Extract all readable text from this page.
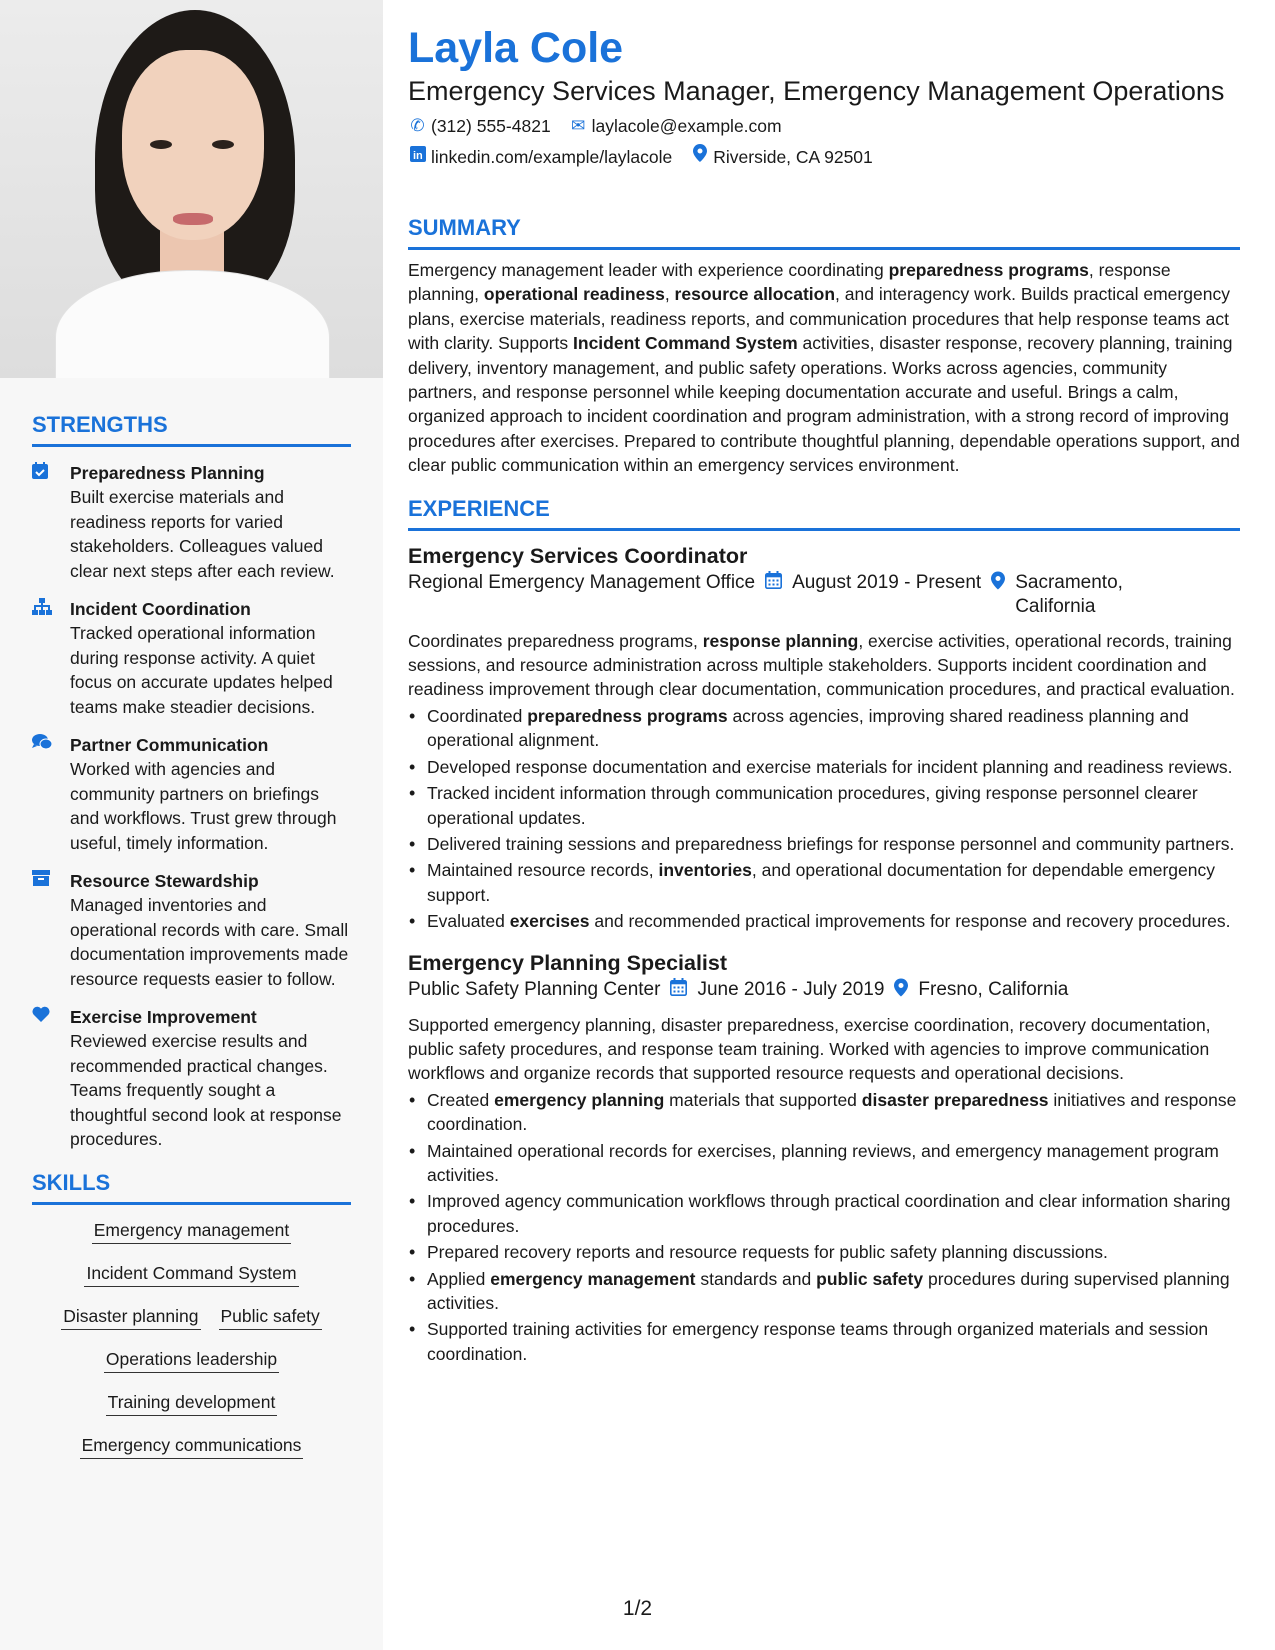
STRENGTHS
Preparedness Planning
Built exercise materials and readiness reports for varied stakeholders. Colleagues valued clear next steps after each review.
Incident Coordination
Tracked operational information during response activity. A quiet focus on accurate updates helped teams make steadier decisions.
Partner Communication
Worked with agencies and community partners on briefings and workflows. Trust grew through useful, timely information.
Resource Stewardship
Managed inventories and operational records with care. Small documentation improvements made resource requests easier to follow.
Exercise Improvement
Reviewed exercise results and recommended practical changes. Teams frequently sought a thoughtful second look at response procedures.
SKILLS
Emergency management
Incident Command System
Disaster planning Public safety
Operations leadership
Training development
Emergency communications
Layla Cole
Emergency Services Manager, Emergency Management Operations
✆ (312) 555-4821 ✉ laylacole@example.com
in linkedin.com/example/laylacole Riverside, CA 92501
SUMMARY

Emergency management leader with experience coordinating preparedness programs, response planning, operational readiness, resource allocation, and interagency work. Builds practical emergency plans, exercise materials, readiness reports, and communication procedures that help response teams act with clarity. Supports Incident Command System activities, disaster response, recovery planning, training delivery, inventory management, and public safety operations. Works across agencies, community partners, and response personnel while keeping documentation accurate and useful. Brings a calm, organized approach to incident coordination and program administration, with a strong record of improving procedures after exercises. Prepared to contribute thoughtful planning, dependable operations support, and clear public communication within an emergency services environment.

EXPERIENCE
Emergency Services Coordinator
Regional Emergency Management Office August 2019 - Present Sacramento, California

Coordinates preparedness programs, response planning, exercise activities, operational records, training sessions, and resource administration across multiple stakeholders. Supports incident coordination and readiness improvement through clear documentation, communication procedures, and practical evaluation.

• Coordinated preparedness programs across agencies, improving shared readiness planning and operational alignment.
• Developed response documentation and exercise materials for incident planning and readiness reviews.
• Tracked incident information through communication procedures, giving response personnel clearer operational updates.
• Delivered training sessions and preparedness briefings for response personnel and community partners.
• Maintained resource records, inventories, and operational documentation for dependable emergency support.
• Evaluated exercises and recommended practical improvements for response and recovery procedures.
Emergency Planning Specialist
Public Safety Planning Center June 2016 - July 2019 Fresno, California

Supported emergency planning, disaster preparedness, exercise coordination, recovery documentation, public safety procedures, and response team training. Worked with agencies to improve communication workflows and organize records that supported resource requests and operational decisions.

• Created emergency planning materials that supported disaster preparedness initiatives and response coordination.
• Maintained operational records for exercises, planning reviews, and emergency management program activities.
• Improved agency communication workflows through practical coordination and clear information sharing procedures.
• Prepared recovery reports and resource requests for public safety planning discussions.
• Applied emergency management standards and public safety procedures during supervised planning activities.
• Supported training activities for emergency response teams through organized materials and session coordination.
1/2
